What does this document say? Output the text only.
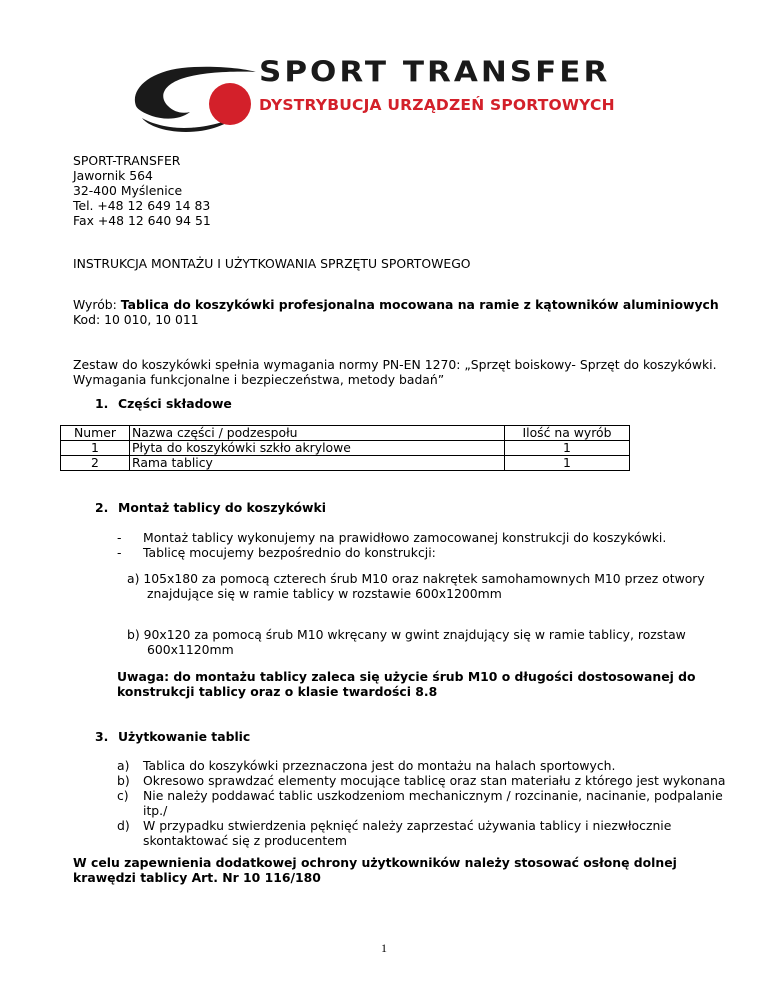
SPORT TRANSFER
DYSTRYBUCJA URZĄDZEŃ SPORTOWYCH
SPORT-TRANSFER
Jawornik 564
32-400 Myślenice
Tel. +48 12 649 14 83
Fax +48 12 640 94 51
INSTRUKCJA MONTAŻU I UŻYTKOWANIA SPRZĘTU SPORTOWEGO
Wyrób: Tablica do koszykówki profesjonalna mocowana na ramie z kątowników aluminiowych
Kod: 10 010, 10 011
Zestaw do koszykówki spełnia wymagania normy PN-EN 1270: „Sprzęt boiskowy- Sprzęt do koszykówki.
Wymagania funkcjonalne i bezpieczeństwa, metody badań”
1. Części składowe
Numer	Nazwa części / podzespołu	Ilość na wyrób
1	Płyta do koszykówki szkło akrylowe	1
2	Rama tablicy	1
2. Montaż tablicy do koszykówki
- Montaż tablicy wykonujemy na prawidłowo zamocowanej konstrukcji do koszykówki.
- Tablicę mocujemy bezpośrednio do konstrukcji:
a) 105x180 za pomocą czterech śrub M10 oraz nakrętek samohamownych M10 przez otwory
znajdujące się w ramie tablicy w rozstawie 600x1200mm
b) 90x120 za pomocą śrub M10 wkręcany w gwint znajdujący się w ramie tablicy, rozstaw
600x1120mm
Uwaga: do montażu tablicy zaleca się użycie śrub M10 o długości dostosowanej do
konstrukcji tablicy oraz o klasie twardości 8.8
3. Użytkowanie tablic
a) Tablica do koszykówki przeznaczona jest do montażu na halach sportowych.
b) Okresowo sprawdzać elementy mocujące tablicę oraz stan materiału z którego jest wykonana
c) Nie należy poddawać tablic uszkodzeniom mechanicznym / rozcinanie, nacinanie, podpalanie
itp./
d) W przypadku stwierdzenia pęknięć należy zaprzestać używania tablicy i niezwłocznie
skontaktować się z producentem
W celu zapewnienia dodatkowej ochrony użytkowników należy stosować osłonę dolnej
krawędzi tablicy Art. Nr 10 116/180
1
